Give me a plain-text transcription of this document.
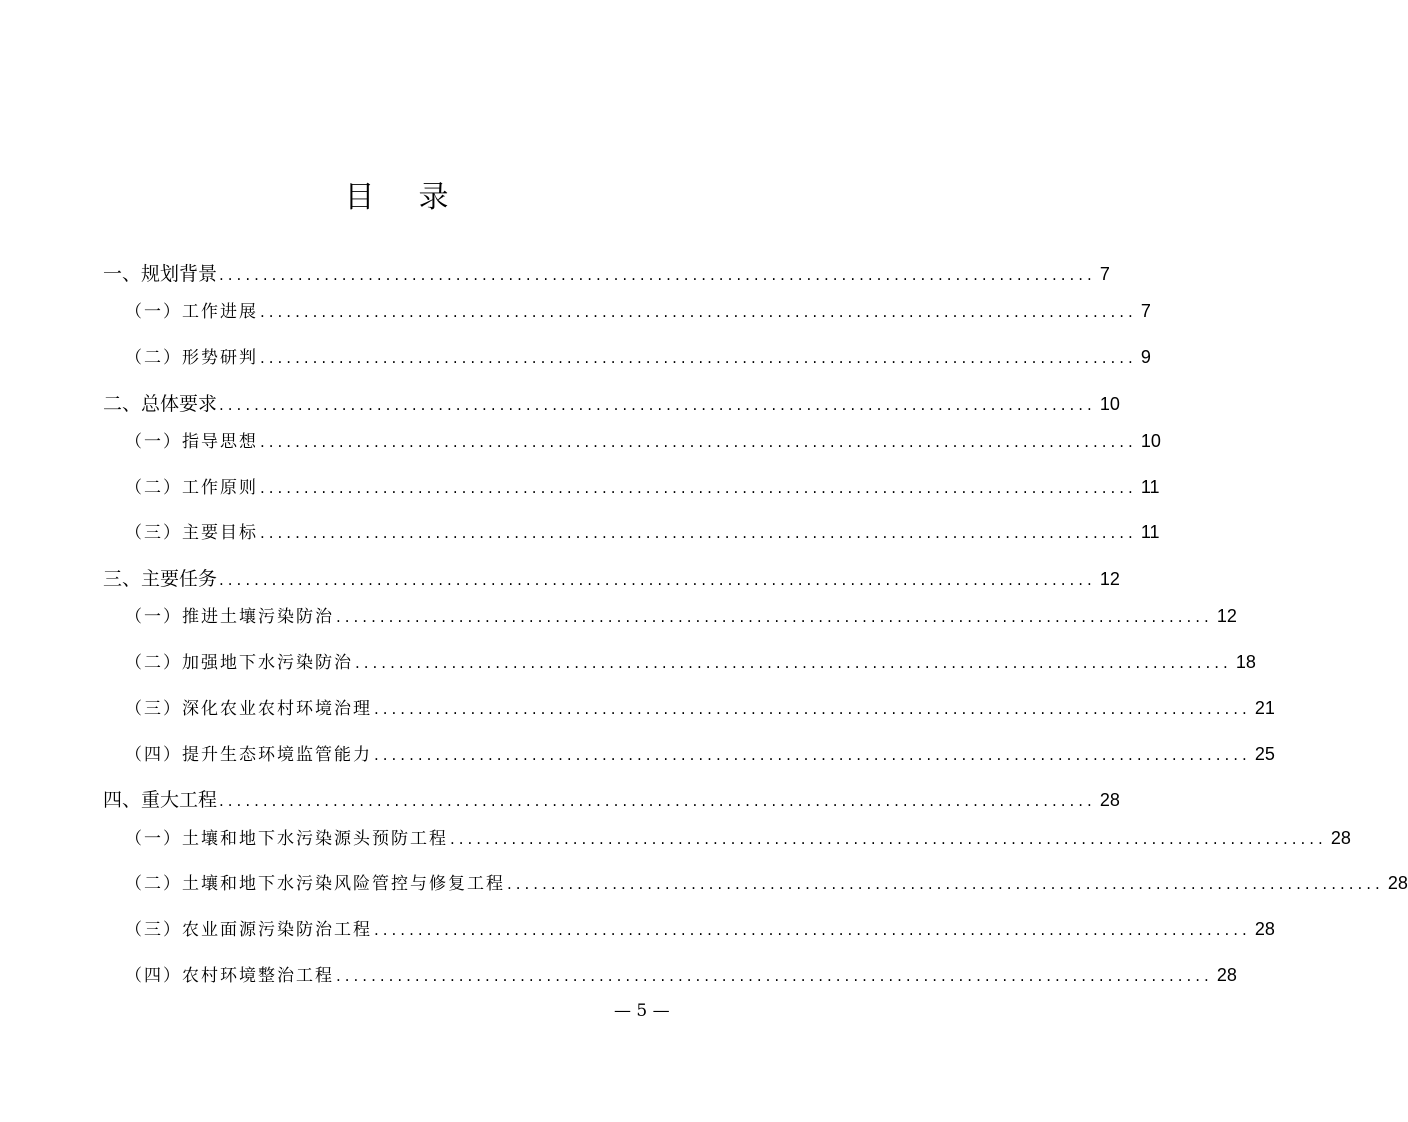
目 录
一、规划背景 .................................................................................................... 7
（一）工作进展 .................................................................................................... 7
（二）形势研判 .................................................................................................... 9
二、总体要求 .................................................................................................... 10
（一）指导思想 .................................................................................................... 10
（二）工作原则 .................................................................................................... 11
（三）主要目标 .................................................................................................... 11
三、主要任务 .................................................................................................... 12
（一）推进土壤污染防治 .................................................................................................... 12
（二）加强地下水污染防治 .................................................................................................... 18
（三）深化农业农村环境治理 .................................................................................................... 21
（四）提升生态环境监管能力 .................................................................................................... 25
四、重大工程 .................................................................................................... 28
（一）土壤和地下水污染源头预防工程 .................................................................................................... 28
（二）土壤和地下水污染风险管控与修复工程 .................................................................................................... 28
（三）农业面源污染防治工程 .................................................................................................... 28
（四）农村环境整治工程 .................................................................................................... 28
— 5 —
